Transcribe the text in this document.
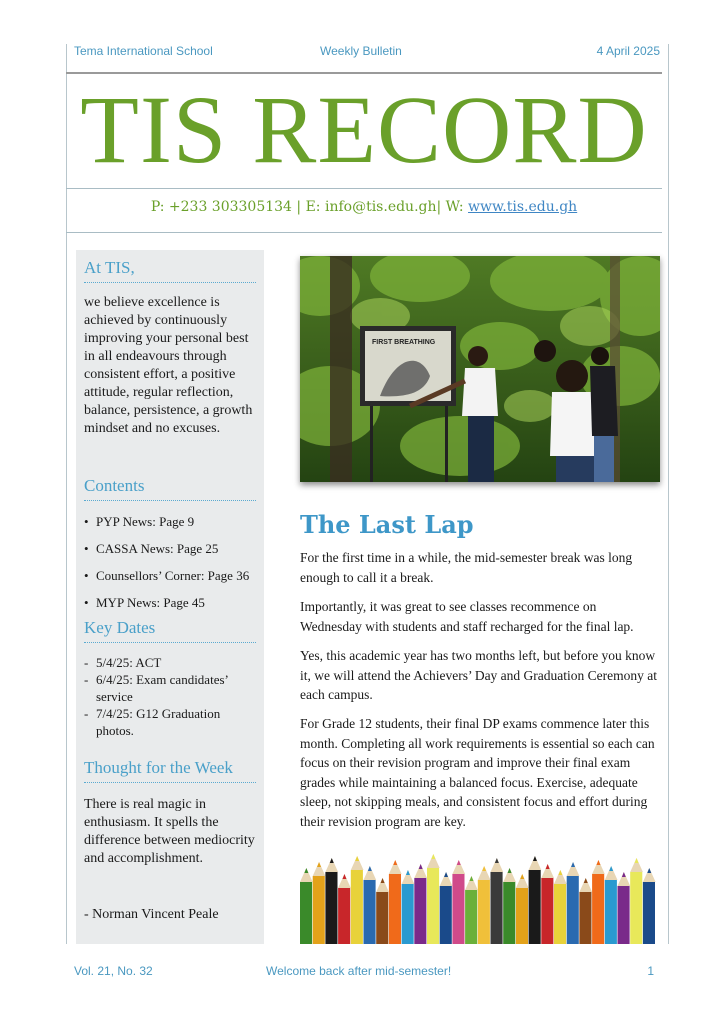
Tema International School	Weekly Bulletin	4 April 2025
TIS RECORD
P: +233 303305134 | E: info@tis.edu.gh| W: www.tis.edu.gh
At TIS,
we believe excellence is achieved by continuously improving your personal best in all endeavours through consistent effort, a positive attitude, regular reflection, balance, persistence, a growth mindset and no excuses.
Contents
• PYP News: Page 9
• CASSA News: Page 25
• Counsellors’ Corner: Page 36
• MYP News: Page 45
Key Dates
- 5/4/25: ACT
- 6/4/25: Exam candidates’ service
- 7/4/25: G12 Graduation photos.
Thought for the Week
There is real magic in enthusiasm. It spells the difference between mediocrity and accomplishment.
- Norman Vincent Peale
FIRST BREATHING
The Last Lap
For the first time in a while, the mid-semester break was long enough to call it a break.
Importantly, it was great to see classes recommence on Wednesday with students and staff recharged for the final lap.
Yes, this academic year has two months left, but before you know it, we will attend the Achievers’ Day and Graduation Ceremony at each campus.
For Grade 12 students, their final DP exams commence later this month. Completing all work requirements is essential so each can focus on their revision program and improve their final exam grades while maintaining a balanced focus. Exercise, adequate sleep, not skipping meals, and consistent focus and effort during their revision program are key.
Vol. 21, No. 32	Welcome back after mid-semester!	1
